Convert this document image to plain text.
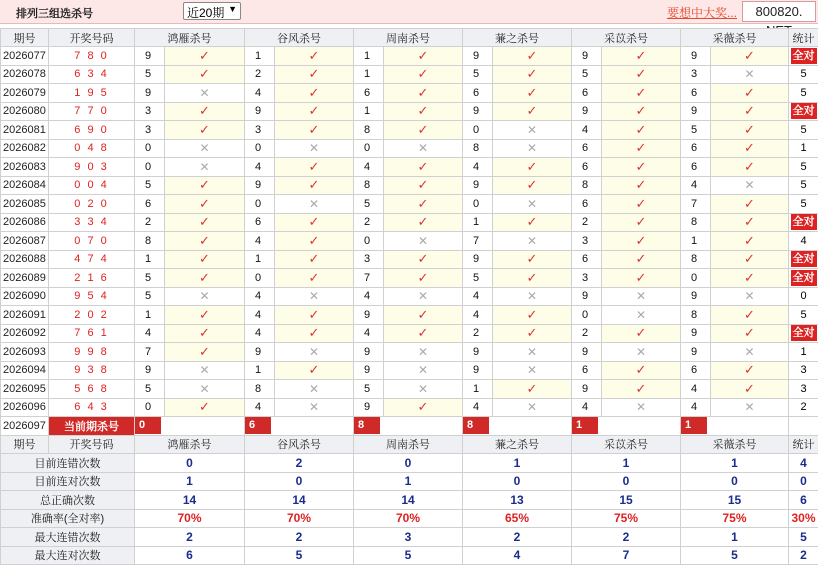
排列三组选杀号	近20期 ▼	要想中大奖...	800820.
期号	开奖号码	鸿雁杀号		谷风杀号		周南杀号		蒹之杀号		采苡杀号		采薇杀号		统计
2026077	7 8 0	9	✓	1	✓	1	✓	9	✓	9	✓	9	✓	全对
2026078	6 3 4	5	✓	2	✓	1	✓	5	✓	5	✓	3	✕	5
2026079	1 9 5	9	✕	4	✓	6	✓	6	✓	6	✓	6	✓	5
2026080	7 7 0	3	✓	9	✓	1	✓	9	✓	9	✓	9	✓	全对
2026081	6 9 0	3	✓	3	✓	8	✓	0	✕	4	✓	5	✓	5
2026082	0 4 8	0	✕	0	✕	0	✕	8	✕	6	✓	6	✓	1
2026083	9 0 3	0	✕	4	✓	4	✓	4	✓	6	✓	6	✓	5
2026084	0 0 4	5	✓	9	✓	8	✓	9	✓	8	✓	4	✕	5
2026085	0 2 0	6	✓	0	✕	5	✓	0	✕	6	✓	7	✓	5
2026086	3 3 4	2	✓	6	✓	2	✓	1	✓	2	✓	8	✓	全对
2026087	0 7 0	8	✓	4	✓	0	✕	7	✕	3	✓	1	✓	4
2026088	4 7 4	1	✓	1	✓	3	✓	9	✓	6	✓	8	✓	全对
2026089	2 1 6	5	✓	0	✓	7	✓	5	✓	3	✓	0	✓	全对
2026090	9 5 4	5	✕	4	✕	4	✕	4	✕	9	✕	9	✕	0
2026091	2 0 2	1	✓	4	✓	9	✓	4	✓	0	✕	8	✓	5
2026092	7 6 1	4	✓	4	✓	4	✓	2	✓	2	✓	9	✓	全对
2026093	9 9 8	7	✓	9	✕	9	✕	9	✕	9	✕	9	✕	1
2026094	9 3 8	9	✕	1	✓	9	✕	9	✕	6	✓	6	✓	3
2026095	5 6 8	5	✕	8	✕	5	✕	1	✓	9	✓	4	✓	3
2026096	6 4 3	0	✓	4	✕	9	✓	4	✕	4	✕	4	✕	2
2026097	当前期杀号	0		6		8		8		1		1		
期号	开奖号码	鸿雁杀号		谷风杀号		周南杀号		蒹之杀号		采苡杀号		采薇杀号		统计
目前连错次数		0		2		0		1		1		1		4
目前连对次数		1		0		1		0		0		0		0
总正确次数		14		14		14		13		15		15		6
准确率(全对率)		70%		70%		70%		65%		75%		75%		30%
最大连错次数		2		2		3		2		2		1		5
最大连对次数		6		5		5		4		7		5		2
